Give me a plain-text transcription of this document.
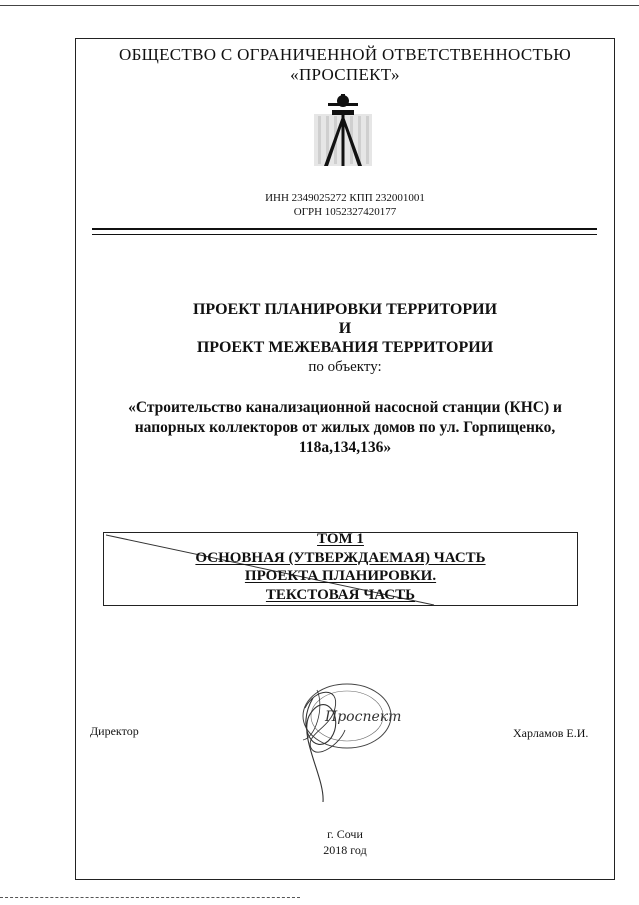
ОБЩЕСТВО С ОГРАНИЧЕННОЙ ОТВЕТСТВЕННОСТЬЮ
«ПРОСПЕКТ»
ИНН 2349025272 КПП 232001001
ОГРН 1052327420177
ПРОЕКТ ПЛАНИРОВКИ ТЕРРИТОРИИ
И
ПРОЕКТ МЕЖЕВАНИЯ ТЕРРИТОРИИ
по объекту:
«Строительство канализационной насосной станции (КНС) и
напорных коллекторов от жилых домов по ул. Горпищенко,
118а,134,136»
ТОМ 1
ОСНОВНАЯ (УТВЕРЖДАЕМАЯ) ЧАСТЬ
ПРОЕКТА ПЛАНИРОВКИ.
ТЕКСТОВАЯ ЧАСТЬ
Директор	Харламов Е.И.
Проспект
г. Сочи
2018 год
